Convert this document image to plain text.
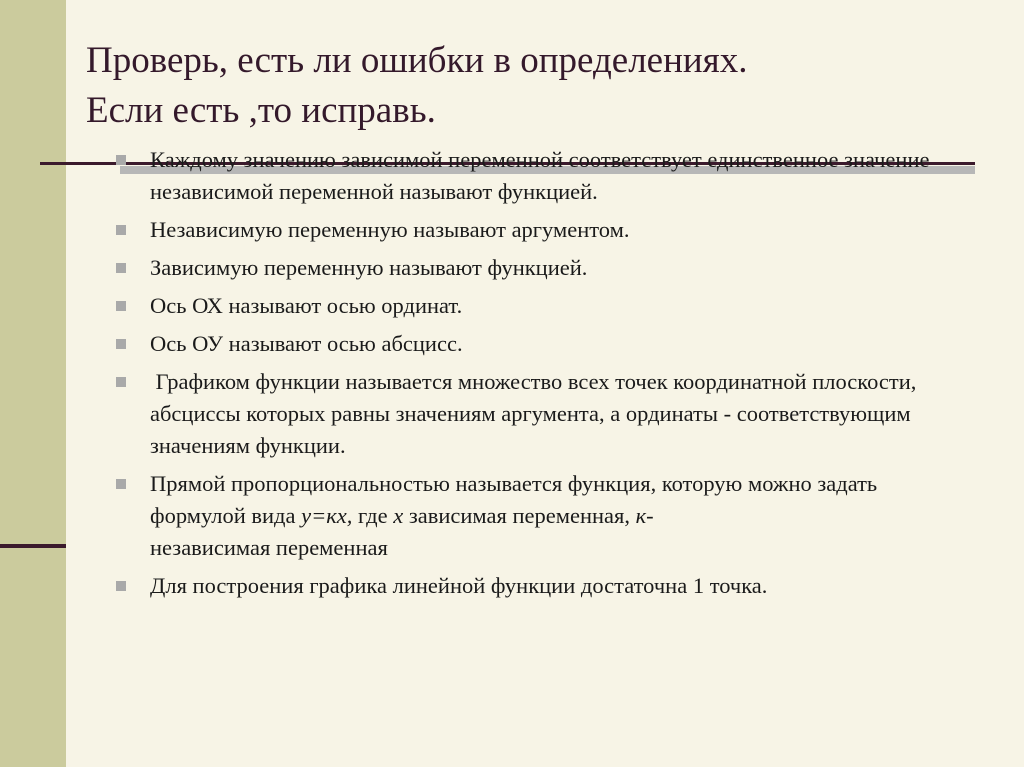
Проверь, есть ли ошибки в определениях.
Если есть ,то исправь.
Каждому значению зависимой переменной соответствует единственное значение независимой переменной называют функцией.
Независимую переменную называют аргументом.
Зависимую переменную называют функцией.
Ось ОХ называют осью ординат.
Ось ОУ называют осью абсцисс.
Графиком функции называется множество всех точек координатной плоскости, абсциссы которых равны значениям аргумента, а ординаты - соответствующим значениям функции.
Прямой пропорциональностью называется функция, которую можно задать формулой вида у=кх, где х зависимая переменная, к-
независимая переменная
Для построения графика линейной функции достаточна 1 точка.
